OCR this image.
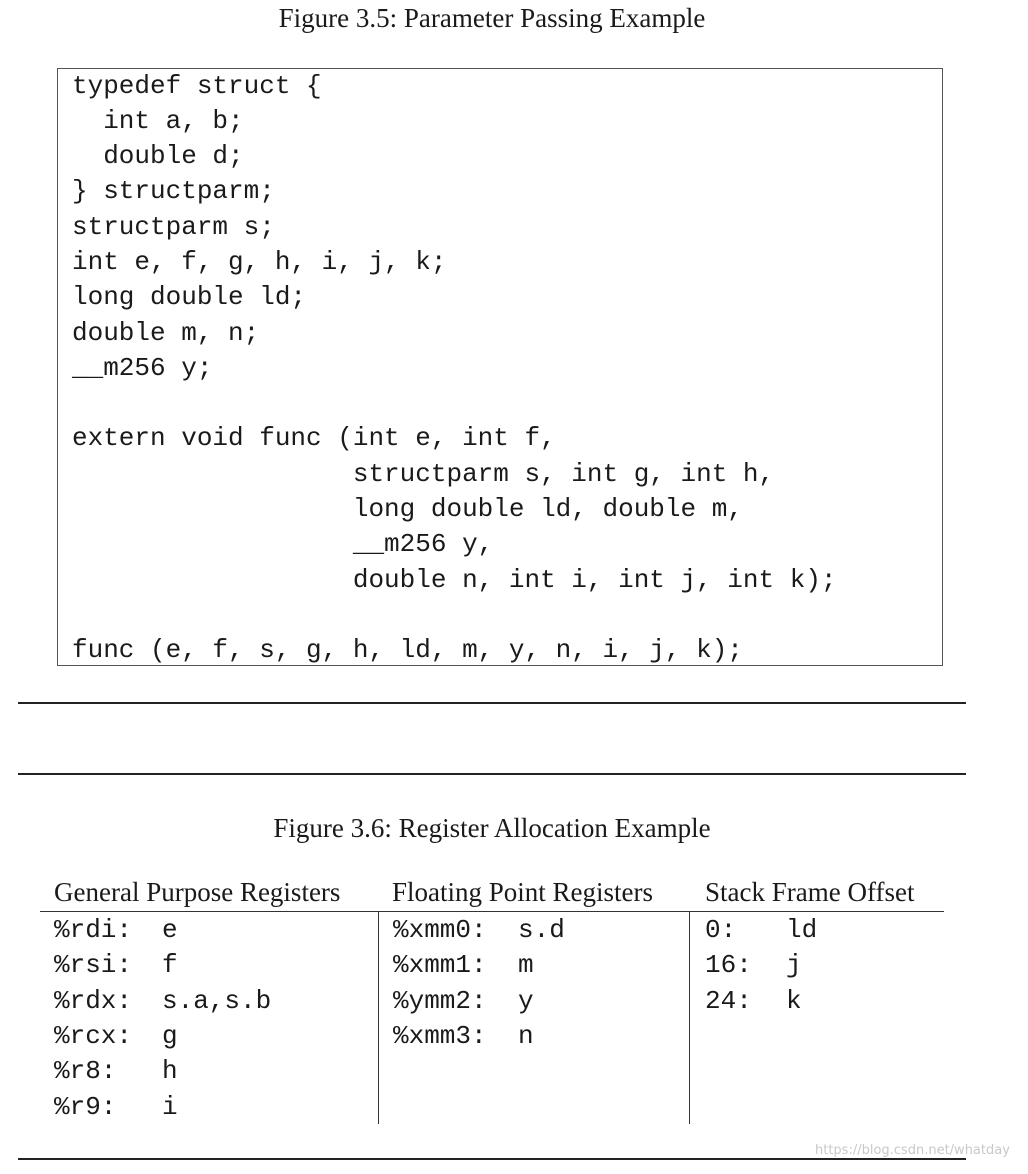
Figure 3.5: Parameter Passing Example
typedef struct {
int a, b;
double d;
} structparm;
structparm s;
int e, f, g, h, i, j, k;
long double ld;
double m, n;
__m256 y;
extern void func (int e, int f,
structparm s, int g, int h,
long double ld, double m,
__m256 y,
double n, int i, int j, int k);
func (e, f, s, g, h, ld, m, y, n, i, j, k);
Figure 3.6: Register Allocation Example
General Purpose Registers Floating Point Registers Stack Frame Offset
%rdi: e
%rsi: f
%rdx: s.a,s.b
%rcx: g
%r8: h
%r9: i
%xmm0: s.d
%xmm1: m
%ymm2: y
%xmm3: n
0: ld
16: j
24: k
https://blog.csdn.net/whatday
